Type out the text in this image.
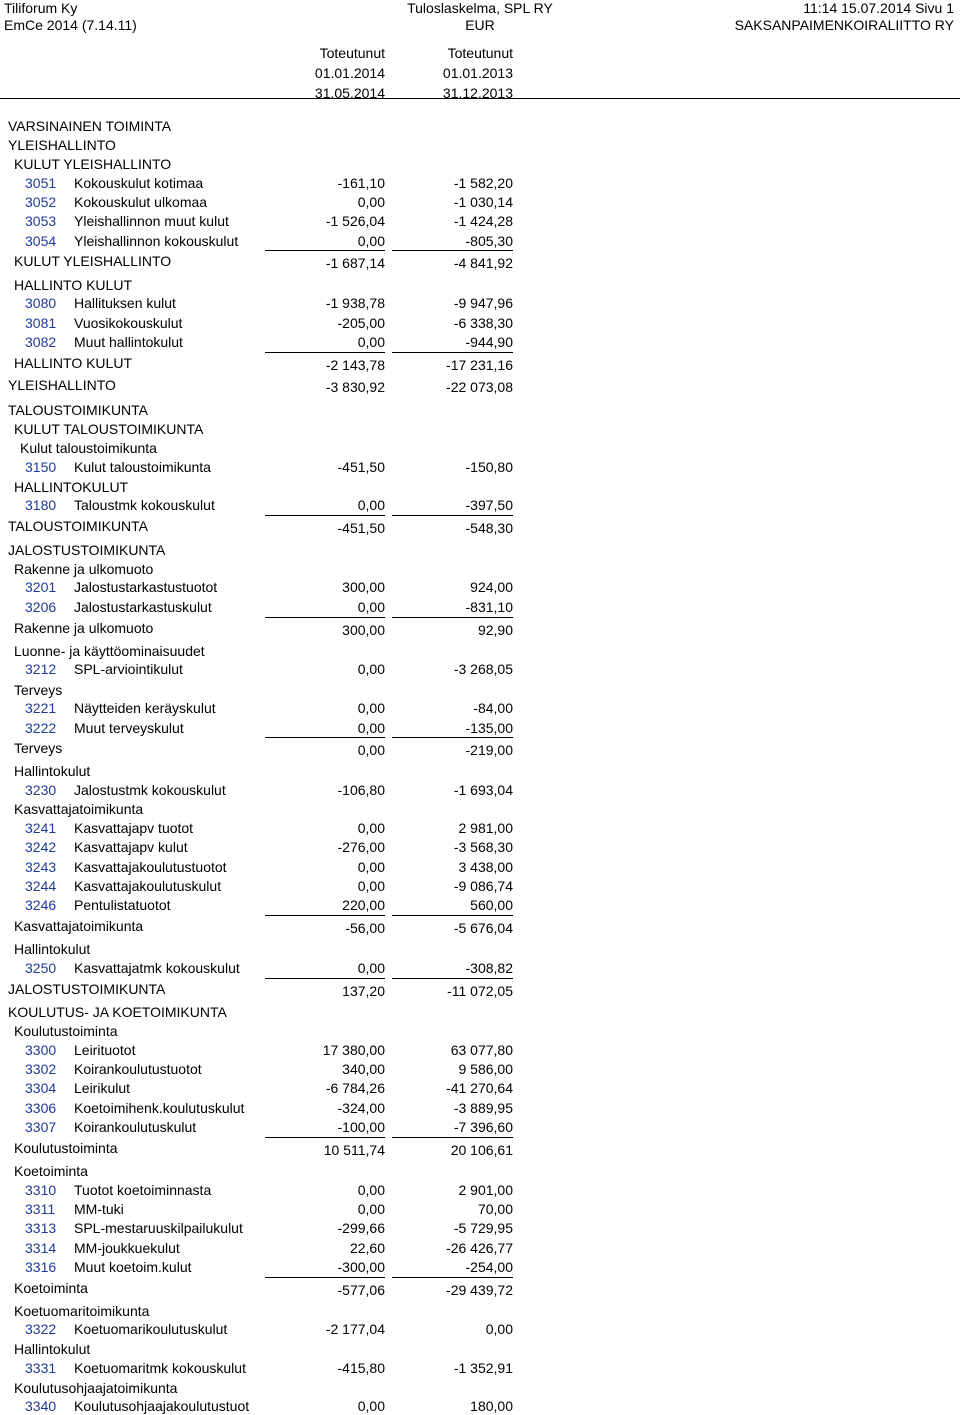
Tiliforum Ky
EmCe 2014 (7.14.11)
Tuloslaskelma, SPL RY
EUR
11:14 15.07.2014 Sivu 1
SAKSANPAIMENKOIRALIITTO RY
Toteutunut
01.01.2014
31.05.2014
Toteutunut
01.01.2013
31.12.2013
VARSINAINEN TOIMINTA
YLEISHALLINTO
KULUT YLEISHALLINTO
3051 Kokouskulut kotimaa	-161,10	-1 582,20
3052 Kokouskulut ulkomaa	0,00	-1 030,14
3053 Yleishallinnon muut kulut	-1 526,04	-1 424,28
3054 Yleishallinnon kokouskulut	0,00	-805,30
KULUT YLEISHALLINTO	-1 687,14	-4 841,92
HALLINTO KULUT
3080 Hallituksen kulut	-1 938,78	-9 947,96
3081 Vuosikokouskulut	-205,00	-6 338,30
3082 Muut hallintokulut	0,00	-944,90
HALLINTO KULUT	-2 143,78	-17 231,16
YLEISHALLINTO	-3 830,92	-22 073,08
TALOUSTOIMIKUNTA
KULUT TALOUSTOIMIKUNTA
Kulut taloustoimikunta
3150 Kulut taloustoimikunta	-451,50	-150,80
HALLINTOKULUT
3180 Taloustmk kokouskulut	0,00	-397,50
TALOUSTOIMIKUNTA	-451,50	-548,30
JALOSTUSTOIMIKUNTA
Rakenne ja ulkomuoto
3201 Jalostustarkastustuotot	300,00	924,00
3206 Jalostustarkastuskulut	0,00	-831,10
Rakenne ja ulkomuoto	300,00	92,90
Luonne- ja käyttöominaisuudet
3212 SPL-arviointikulut	0,00	-3 268,05
Terveys
3221 Näytteiden keräyskulut	0,00	-84,00
3222 Muut terveyskulut	0,00	-135,00
Terveys	0,00	-219,00
Hallintokulut
3230 Jalostustmk kokouskulut	-106,80	-1 693,04
Kasvattajatoimikunta
3241 Kasvattajapv tuotot	0,00	2 981,00
3242 Kasvattajapv kulut	-276,00	-3 568,30
3243 Kasvattajakoulutustuotot	0,00	3 438,00
3244 Kasvattajakoulutuskulut	0,00	-9 086,74
3246 Pentulistatuotot	220,00	560,00
Kasvattajatoimikunta	-56,00	-5 676,04
Hallintokulut
3250 Kasvattajatmk kokouskulut	0,00	-308,82
JALOSTUSTOIMIKUNTA	137,20	-11 072,05
KOULUTUS- JA KOETOIMIKUNTA
Koulutustoiminta
3300 Leirituotot	17 380,00	63 077,80
3302 Koirankoulutustuotot	340,00	9 586,00
3304 Leirikulut	-6 784,26	-41 270,64
3306 Koetoimihenk.koulutuskulut	-324,00	-3 889,95
3307 Koirankoulutuskulut	-100,00	-7 396,60
Koulutustoiminta	10 511,74	20 106,61
Koetoiminta
3310 Tuotot koetoiminnasta	0,00	2 901,00
3311 MM-tuki	0,00	70,00
3313 SPL-mestaruuskilpailukulut	-299,66	-5 729,95
3314 MM-joukkuekulut	22,60	-26 426,77
3316 Muut koetoim.kulut	-300,00	-254,00
Koetoiminta	-577,06	-29 439,72
Koetuomaritoimikunta
3322 Koetuomarikoulutuskulut	-2 177,04	0,00
Hallintokulut
3331 Koetuomaritmk kokouskulut	-415,80	-1 352,91
Koulutusohjaajatoimikunta
3340 Koulutusohjaajakoulutustuot	0,00	180,00
